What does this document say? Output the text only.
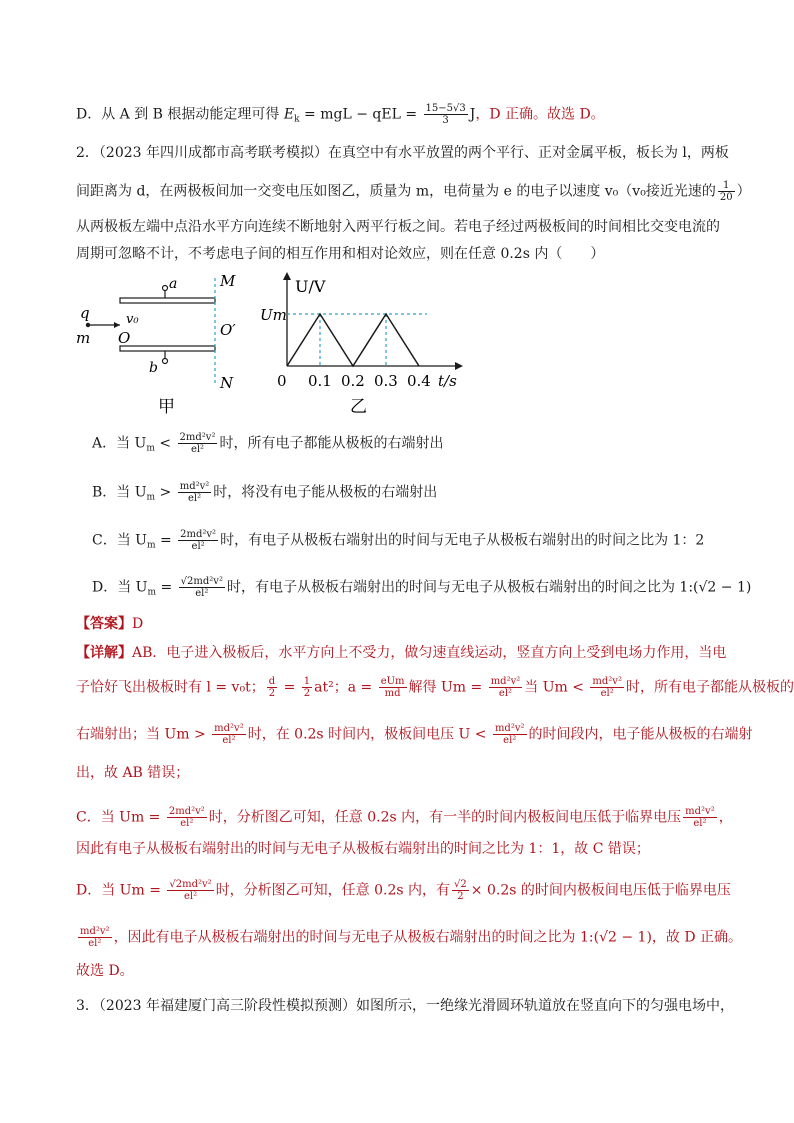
D．从 A 到 B 根据动能定理可得 $E_k$ = mgL − qEL = $\frac{15-5√3}{3}$ J，D 正确。故选 D。
2．（2023 年四川成都市高考联考模拟）在真空中有水平放置的两个平行、正对金属平板，板长为 l，两板
间距离为 d，在两极板间加一交变电压如图乙，质量为 m，电荷量为 e 的电子以速度 v₀（v₀接近光速的 $\frac{1}{20}$ ）
从两极板左端中点沿水平方向连续不断地射入两平行板之间。若电子经过两极板间的时间相比交变电流的
周期可忽略不计，不考虑电子间的相互作用和相对论效应，则在任意 0.2s 内（　　）
a
b
M
N
O′
O
q
m
v₀
甲
U/V
Um
0 0.1 0.2 0.3 0.4 t/s
乙
A．当 $U_m < \frac{\text{2md²v²}}{\text{el²}}$ 时，所有电子都能从极板的右端射出
B．当 $U_m > \frac{\text{md²v²}}{\text{el²}}$ 时，将没有电子能从极板的右端射出
C．当 $U_m = \frac{\text{2md²v²}}{\text{el²}}$ 时，有电子从极板右端射出的时间与无电子从极板右端射出的时间之比为 1：2
D．当 $U_m = \frac{\text{√2md²v²}}{\text{el²}}$ 时，有电子从极板右端射出的时间与无电子从极板右端射出的时间之比为 1:(√2 − 1)
【答案】D
【详解】AB．电子进入极板后，水平方向上不受力，做匀速直线运动，竖直方向上受到电场力作用，当电
子恰好飞出极板时有 l = v₀t； $\frac{d}{2} = \frac{1}{2} at^2$；$a = \frac{\text{eUm}}{md}$ 解得 $Um = \frac{\text{md²v²}}{\text{el²}}$ 当 $Um < \frac{\text{md²v²}}{\text{el²}}$ 时，所有电子都能从极板的
右端射出；当 $Um > \frac{\text{md²v²}}{\text{el²}}$ 时，在 0.2s 时间内，极板间电压 $U < \frac{\text{md²v²}}{\text{el²}}$ 的时间段内，电子能从极板的右端射
出，故 AB 错误；
C．当 $Um = \frac{\text{2md²v²}}{\text{el²}}$ 时，分析图乙可知，任意 0.2s 内，有一半的时间内极板间电压低于临界电压 $\frac{\text{md²v²}}{\text{el²}}$ ，
因此有电子从极板右端射出的时间与无电子从极板右端射出的时间之比为 1：1，故 C 错误；
D．当 $Um = \frac{\text{√2md²v²}}{\text{el²}}$ 时，分析图乙可知，任意 0.2s 内，有 $\frac{√2}{2} \times 0.2s$ 的时间内极板间电压低于临界电压
$\frac{\text{md²v²}}{\text{el²}}$ ，因此有电子从极板右端射出的时间与无电子从极板右端射出的时间之比为 1:(√2 − 1)，故 D 正确。
故选 D。
3．（2023 年福建厦门高三阶段性模拟预测）如图所示，一绝缘光滑圆环轨道放在竖直向下的匀强电场中，
